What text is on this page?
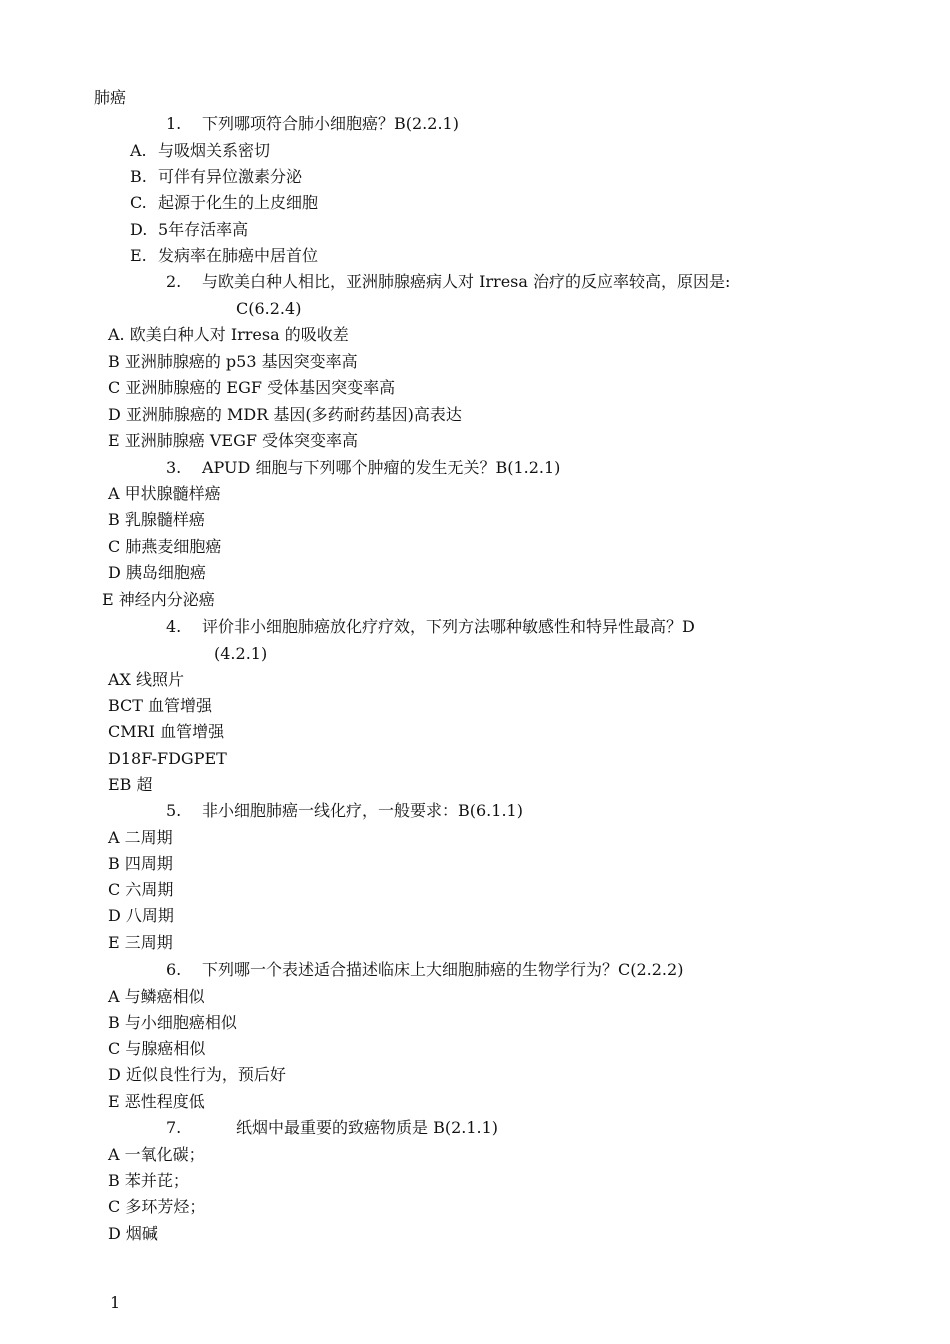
肺癌
1. 下列哪项符合肺小细胞癌？B(2.2.1)
A. 与吸烟关系密切
B. 可伴有异位激素分泌
C. 起源于化生的上皮细胞
D. 5年存活率高
E. 发病率在肺癌中居首位
2. 与欧美白种人相比，亚洲肺腺癌病人对 Irresa 治疗的反应率较高，原因是:
C(6.2.4)
A. 欧美白种人对 Irresa 的吸收差
B 亚洲肺腺癌的 p53 基因突变率高
C 亚洲肺腺癌的 EGF 受体基因突变率高
D 亚洲肺腺癌的 MDR 基因(多药耐药基因)高表达
E 亚洲肺腺癌 VEGF 受体突变率高
3. APUD 细胞与下列哪个肿瘤的发生无关？B(1.2.1)
A 甲状腺髓样癌
B 乳腺髓样癌
C 肺燕麦细胞癌
D 胰岛细胞癌
E 神经内分泌癌
4. 评价非小细胞肺癌放化疗疗效，下列方法哪种敏感性和特异性最高？D
(4.2.1)
AX 线照片
BCT 血管增强
CMRI 血管增强
D18F-FDGPET
EB 超
5. 非小细胞肺癌一线化疗，一般要求：B(6.1.1)
A 二周期
B 四周期
C 六周期
D 八周期
E 三周期
6. 下列哪一个表述适合描述临床上大细胞肺癌的生物学行为？C(2.2.2)
A 与鳞癌相似
B 与小细胞癌相似
C 与腺癌相似
D 近似良性行为，预后好
E 恶性程度低
7.	纸烟中最重要的致癌物质是 B(2.1.1)
A 一氧化碳；
B 苯并芘；
C 多环芳烃；
D 烟碱
1
